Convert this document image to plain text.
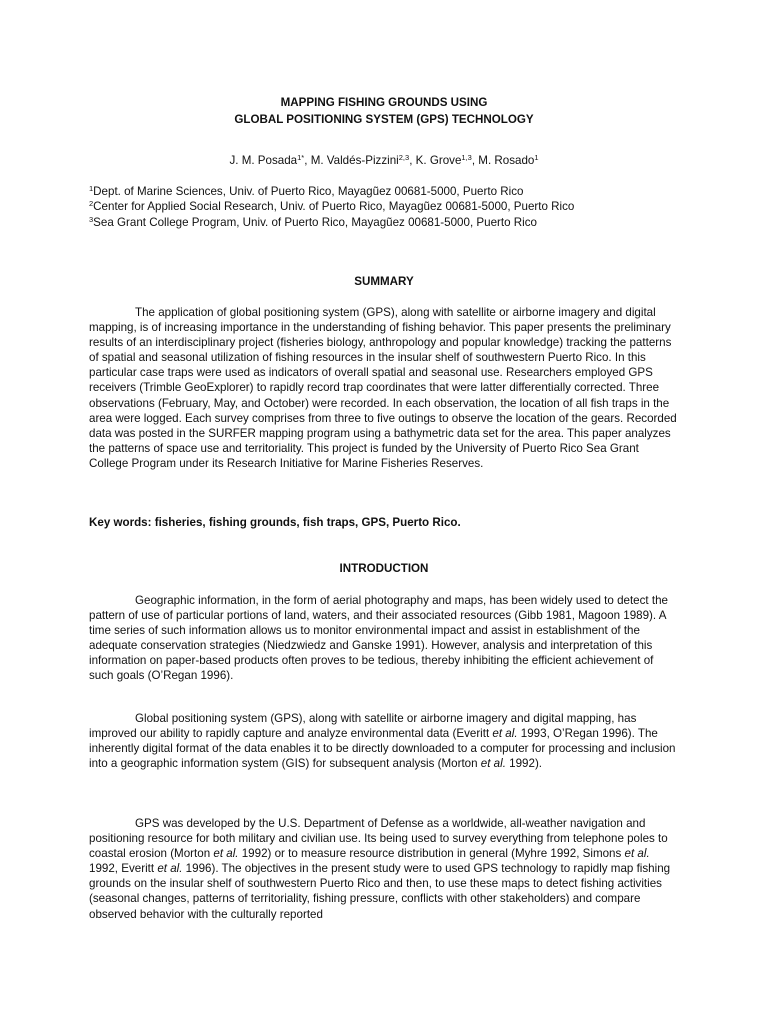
MAPPING FISHING GROUNDS USING
GLOBAL POSITIONING SYSTEM (GPS) TECHNOLOGY
J. M. Posada$^{1*}$, M. Valdés-Pizzini$^{2,3}$, K. Grove$^{1,3}$, M. Rosado$^1$
$^1$Dept. of Marine Sciences, Univ. of Puerto Rico, Mayagũez 00681-5000, Puerto Rico
$^2$Center for Applied Social Research, Univ. of Puerto Rico, Mayagũez 00681-5000, Puerto Rico
$^3$Sea Grant College Program, Univ. of Puerto Rico, Mayagũez 00681-5000, Puerto Rico
SUMMARY

The application of global positioning system (GPS), along with satellite or airborne imagery and digital mapping, is of increasing importance in the understanding of fishing behavior. This paper presents the preliminary results of an interdisciplinary project (fisheries biology, anthropology and popular knowledge) tracking the patterns of spatial and seasonal utilization of fishing resources in the insular shelf of southwestern Puerto Rico. In this particular case traps were used as indicators of overall spatial and seasonal use. Researchers employed GPS receivers (Trimble GeoExplorer) to rapidly record trap coordinates that were latter differentially corrected. Three observations (February, May, and October) were recorded. In each observation, the location of all fish traps in the area were logged. Each survey comprises from three to five outings to observe the location of the gears. Recorded data was posted in the SURFER mapping program using a bathymetric data set for the area. This paper analyzes the patterns of space use and territoriality. This project is funded by the University of Puerto Rico Sea Grant College Program under its Research Initiative for Marine Fisheries Reserves.

Key words: fisheries, fishing grounds, fish traps, GPS, Puerto Rico.
INTRODUCTION

Geographic information, in the form of aerial photography and maps, has been widely used to detect the pattern of use of particular portions of land, waters, and their associated resources (Gibb 1981, Magoon 1989). A time series of such information allows us to monitor environmental impact and assist in establishment of the adequate conservation strategies (Niedzwiedz and Ganske 1991). However, analysis and interpretation of this information on paper-based products often proves to be tedious, thereby inhibiting the efficient achievement of such goals (O’Regan 1996).

Global positioning system (GPS), along with satellite or airborne imagery and digital mapping, has improved our ability to rapidly capture and analyze environmental data (Everitt et al. 1993, O’Regan 1996). The inherently digital format of the data enables it to be directly downloaded to a computer for processing and inclusion into a geographic information system (GIS) for subsequent analysis (Morton et al. 1992).

GPS was developed by the U.S. Department of Defense as a worldwide, all-weather navigation and positioning resource for both military and civilian use. Its being used to survey everything from telephone poles to coastal erosion (Morton et al. 1992) or to measure resource distribution in general (Myhre 1992, Simons et al. 1992, Everitt et al. 1996). The objectives in the present study were to used GPS technology to rapidly map fishing grounds on the insular shelf of southwestern Puerto Rico and then, to use these maps to detect fishing activities (seasonal changes, patterns of territoriality, fishing pressure, conflicts with other stakeholders) and compare observed behavior with the culturally reported
